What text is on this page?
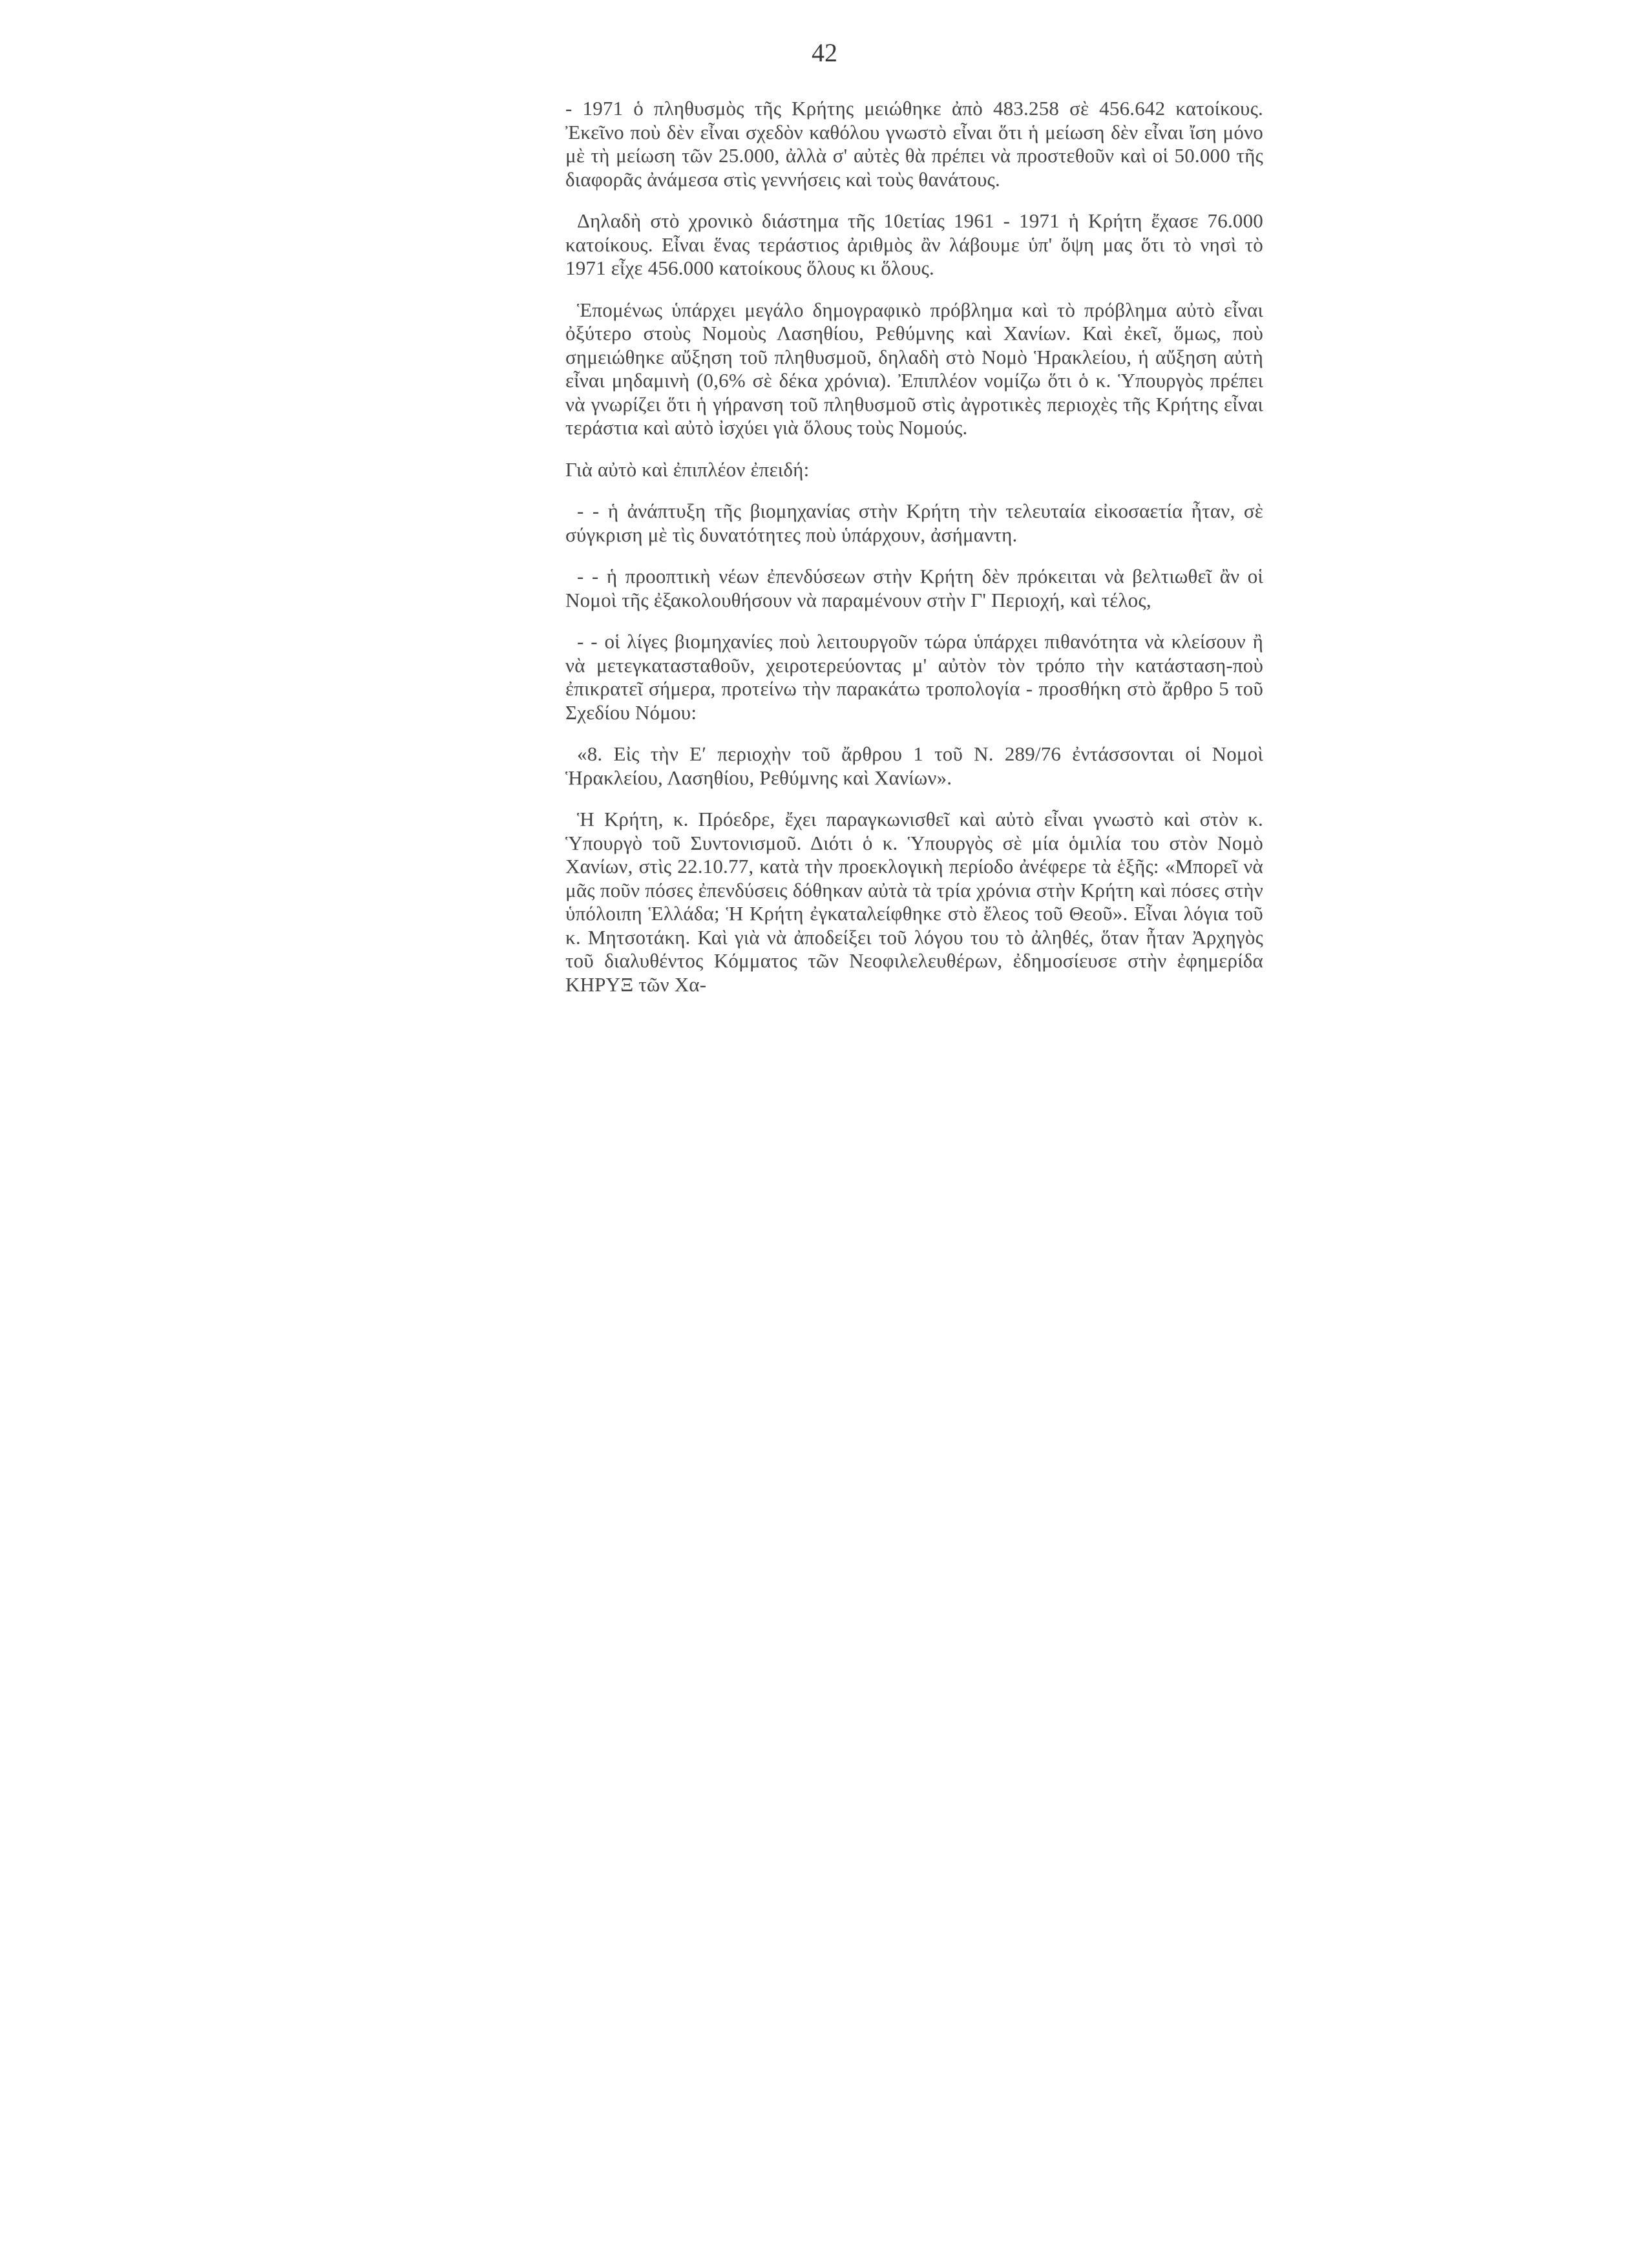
42

- 1971 ὁ πληθυσμὸς τῆς Κρήτης μειώθηκε ἀπὸ 483.258 σὲ 456.642 κατοίκους. Ἐκεῖνο ποὺ δὲν εἶναι σχεδὸν καθόλου γνωστὸ εἶναι ὅτι ἡ μείωση δὲν εἶναι ἴση μόνο μὲ τὴ μείωση τῶν 25.000, ἀλλὰ σ' αὐτὲς θὰ πρέπει νὰ προστεθοῦν καὶ οἱ 50.000 τῆς διαφορᾶς ἀνάμεσα στὶς γεννήσεις καὶ τοὺς θανάτους.

Δηλαδὴ στὸ χρονικὸ διάστημα τῆς 10ετίας 1961 - 1971 ἡ Κρήτη ἔχασε 76.000 κατοίκους. Εἶναι ἕνας τεράστιος ἀριθμὸς ἂν λάβουμε ὑπ' ὄψη μας ὅτι τὸ νησὶ τὸ 1971 εἶχε 456.000 κατοίκους ὅλους κι ὅλους.

Ἑπομένως ὑπάρχει μεγάλο δημογραφικὸ πρόβλημα καὶ τὸ πρόβλημα αὐτὸ εἶναι ὀξύτερο στοὺς Νομοὺς Λασηθίου, Ρεθύμνης καὶ Χανίων. Καὶ ἐκεῖ, ὅμως, ποὺ σημειώθηκε αὔξηση τοῦ πληθυσμοῦ, δηλαδὴ στὸ Νομὸ Ἡρακλείου, ἡ αὔξηση αὐτὴ εἶναι μηδαμινὴ (0,6% σὲ δέκα χρόνια). Ἐπιπλέον νομίζω ὅτι ὁ κ. Ὑπουργὸς πρέπει νὰ γνωρίζει ὅτι ἡ γήρανση τοῦ πληθυσμοῦ στὶς ἀγροτικὲς περιοχὲς τῆς Κρήτης εἶναι τεράστια καὶ αὐτὸ ἰσχύει γιὰ ὅλους τοὺς Νομούς.

Γιὰ αὐτὸ καὶ ἐπιπλέον ἐπειδή:

- - ἡ ἀνάπτυξη τῆς βιομηχανίας στὴν Κρήτη τὴν τελευταία εἰκοσαετία ἦταν, σὲ σύγκριση μὲ τὶς δυνατότητες ποὺ ὑπάρχουν, ἀσήμαντη.

- - ἡ προοπτικὴ νέων ἐπενδύσεων στὴν Κρήτη δὲν πρόκειται νὰ βελτιωθεῖ ἂν οἱ Νομοὶ τῆς ἐξακολουθήσουν νὰ παραμένουν στὴν Γ' Περιοχή, καὶ τέλος,

- - οἱ λίγες βιομηχανίες ποὺ λειτουργοῦν τώρα ὑπάρχει πιθανότητα νὰ κλείσουν ἢ νὰ μετεγκατασταθοῦν, χειροτερεύοντας μ' αὐτὸν τὸν τρόπο τὴν κατάσταση-ποὺ ἐπικρατεῖ σήμερα, προτείνω τὴν παρακάτω τροπολογία - προσθήκη στὸ ἄρθρο 5 τοῦ Σχεδίου Νόμου:

«8. Εἰς τὴν Εʹ περιοχὴν τοῦ ἄρθρου 1 τοῦ Ν. 289/76 ἐντάσσονται οἱ Νομοὶ Ἡρακλείου, Λασηθίου, Ρεθύμνης καὶ Χανίων».

Ἡ Κρήτη, κ. Πρόεδρε, ἔχει παραγκωνισθεῖ καὶ αὐτὸ εἶναι γνωστὸ καὶ στὸν κ. Ὑπουργὸ τοῦ Συντονισμοῦ. Διότι ὁ κ. Ὑπουργὸς σὲ μία ὁμιλία του στὸν Νομὸ Χανίων, στὶς 22.10.77, κατὰ τὴν προεκλογικὴ περίοδο ἀνέφερε τὰ ἑξῆς: «Μπορεῖ νὰ μᾶς ποῦν πόσες ἐπενδύσεις δόθηκαν αὐτὰ τὰ τρία χρόνια στὴν Κρήτη καὶ πόσες στὴν ὑπόλοιπη Ἑλλάδα; Ἡ Κρήτη ἐγκαταλείφθηκε στὸ ἔλεος τοῦ Θεοῦ». Εἶναι λόγια τοῦ κ. Μητσοτάκη. Καὶ γιὰ νὰ ἀποδείξει τοῦ λόγου του τὸ ἀληθές, ὅταν ἦταν Ἀρχηγὸς τοῦ διαλυθέντος Κόμματος τῶν Νεοφιλελευθέρων, ἐδημοσίευσε στὴν ἐφημερίδα ΚΗΡΥΞ τῶν Χα-
